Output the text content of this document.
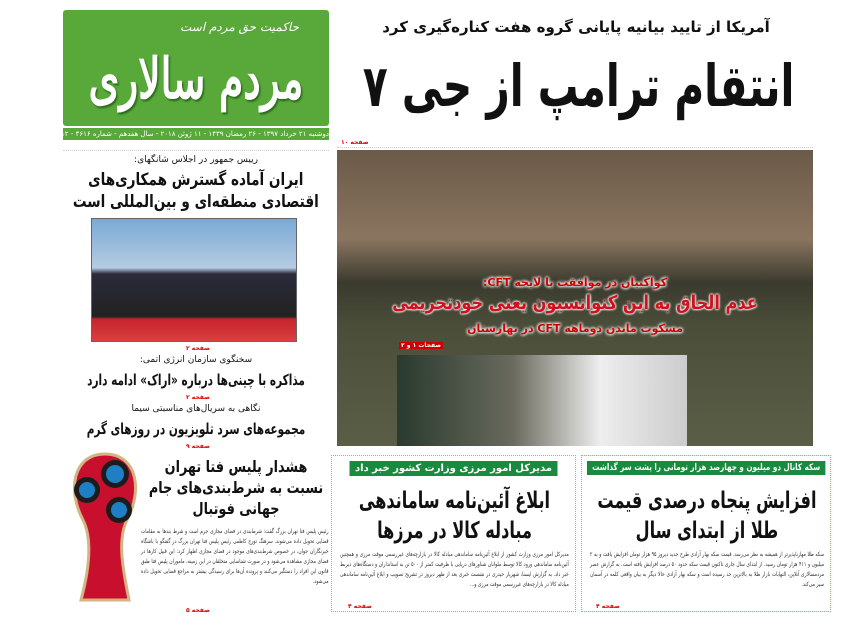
حاکمیت حق مردم است
مردم سالاری
دوشنبه ۲۱ خرداد ۱۳۹۷ - ۲۶ رمضان ۱۴۳۹ - ۱۱ ژوئن ۲۰۱۸ - سال هفدهم - شماره ۴۶۱۶ - ۱۲ صفحه - ۱۰۰۰ تومان
آمریکا از تایید بیانیه پایانی گروه هفت کناره‌گیری کرد
انتقام ترامپ از جی ۷
صفحه ۱۰
کواکبیان در موافقت با لایحه CFT:
عدم الحاق به این کنوانسیون یعنی خودتحریمی
مسکوت ماندن دوماهه CFT در بهارستان
صفحات ۱ و ۲
رییس جمهور در اجلاس شانگهای:
ایران آماده گسترش همکاری‌های اقتصادی منطقه‌ای و بین‌المللی است
صفحه ۲
سخنگوی سازمان انرژی اتمی:
مذاکره با چینی‌ها درباره «اراک» ادامه دارد
صفحه ۲
نگاهی به سریال‌های مناسبتی سیما
مجموعه‌های سرد تلویزیون در روزهای گرم
صفحه ۹
هشدار پلیس فتا تهران نسبت به شرط‌بندی‌های جام جهانی فوتبال
رئیس پلیس فتا تهران بزرگ گفت: شرط‌بندی در فضای مجازی جرم است و شرط بندها به مقامات قضایی تحویل داده می‌شوند. سرهنگ تورج کاظمی رئیس پلیس فتا تهران بزرگ در گفتگو با باشگاه خبرنگاران جوان، در خصوص شرط‌بندی‌های موجود در فضای مجازی اظهار کرد: این قبیل کارها در فضای مجازی مشاهده می‌شود و در صورت شناسایی متخلفان در این زمینه، ماموران پلیس فتا طبق قانون این افراد را دستگیر می‌کنند و پرونده آن‌ها برای رسیدگی بیشتر به مراجع قضایی تحویل داده می‌شود.
صفحه ۵
مدیرکل امور مرزی وزارت کشور خبر داد
ابلاغ آئین‌نامه ساماندهی مبادله کالا در مرزها
مدیرکل امور مرزی وزارت کشور از ابلاغ آئین‌نامه ساماندهی مبادله کالا در بازارچه‌های غیررسمی موقت مرزی و همچنین آئین‌نامه ساماندهی ورود کالا توسط ملوانان شناورهای دریایی با ظرفیت کمتر از ۵۰۰ تن به استانداران و دستگاه‌های ذیربط خبر داد. به گزارش ایسنا، شهریار حیدری در نشست خبری بعد از ظهر دیروز در تشریح تصویب و ابلاغ آئین‌نامه ساماندهی مبادله کالا در بازارچه‌های غیررسمی موقت مرزی و...
صفحه ۴
سکه کانال دو میلیون و چهارصد هزار تومانی را پشت سر گذاشت
افزایش پنجاه درصدی قیمت طلا از ابتدای سال
سکه طلا مهارناپذیرتر از همیشه به نظر می‌رسد. قیمت سکه بهار آزادی طرح جدید دیروز ۹۵ هزار تومان افزایش یافت و به ۲ میلیون و ۴۱۱ هزار تومان رسید. از ابتدای سال جاری تاکنون قیمت سکه حدود ۵۰ درصد افزایش یافته است. به گزارش عصر مردمسالاری آنلاین، التهابات بازار طلا به بالاترین حد رسیده است و سکه بهار آزادی حالا دیگر به بیان واقعی کلمه در آسمان سیر می‌کند.
صفحه ۴
